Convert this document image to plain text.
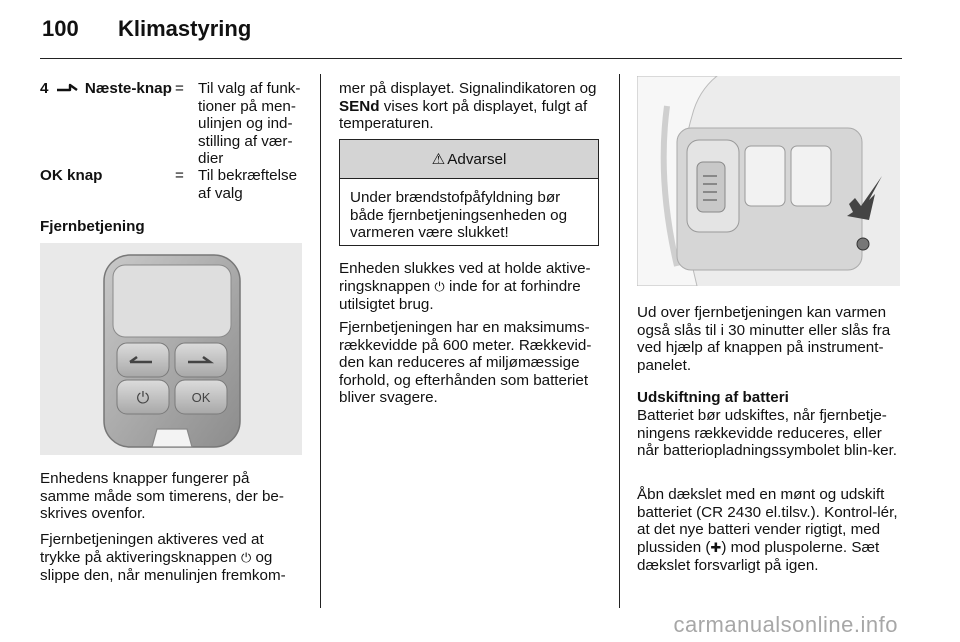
100 Klimastyring
4 Næste-knap = Til valg af funk-tioner på men-ulinjen og ind-stilling af vær-dier
OK knap	= Til bekræftelse af valg
Fjernbetjening
⏻	OK
Enhedens knapper fungerer på samme måde som timerens, der be-skrives ovenfor.
Fjernbetjeningen aktiveres ved at trykke på aktiveringsknappen ⏻ og slippe den, når menulinjen fremkom-
mer på displayet. Signalindikatoren og SENd vises kort på displayet, fulgt af temperaturen.
⚠ Advarsel
Under brændstofpåfyldning bør både fjernbetjeningsenheden og varmeren være slukket!
Enheden slukkes ved at holde aktive-ringsknappen ⏻ inde for at forhindre utilsigtet brug.
Fjernbetjeningen har en maksimums-rækkevidde på 600 meter. Rækkevid-den kan reduceres af miljømæssige forhold, og efterhånden som batteriet bliver svagere.
Ud over fjernbetjeningen kan varmen også slås til i 30 minutter eller slås fra ved hjælp af knappen på instrument-panelet.
Udskiftning af batteri
Batteriet bør udskiftes, når fjernbetje-ningens rækkevidde reduceres, eller når batteriopladningssymbolet blin-ker.
Åbn dækslet med en mønt og udskift batteriet (CR 2430 el.tilsv.). Kontrol-lér, at det nye batteri vender rigtigt, med plussiden (✚) mod pluspolerne. Sæt dækslet forsvarligt på igen.
carmanualsonline.info
